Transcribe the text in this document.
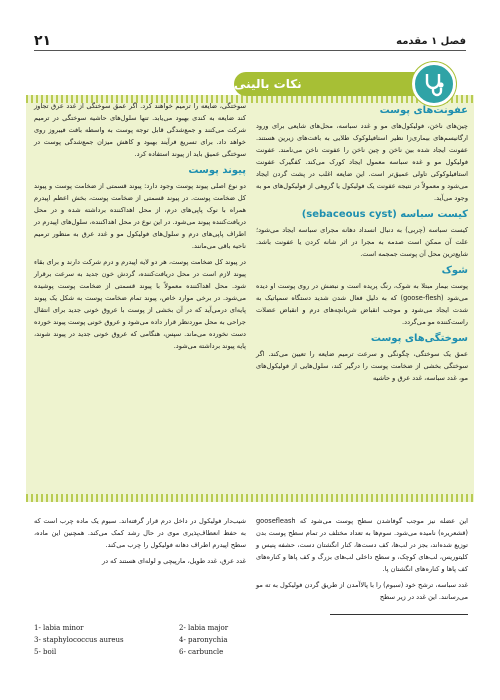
فصل ۱ مقدمه
۲۱
نکات بالینی
عفونت‌های پوست

چین‌های ناخن، فولیکول‌های مو و غدد سباسه، محل‌های شایعی برای ورود ارگانیسم‌های بیماری‌زا نظیر استافیلوکوک طلایی به بافت‌های زیرین هستند. عفونت ایجاد شده بین ناخن و چین ناخن را عفونت ناخن می‌نامند. عفونت فولیکول مو و غده سباسه معمول ایجاد کورک می‌کند. کفگیرک عفونت استافیلوکوکی تاولی عمیق‌تر است. این ضایعه اغلب در پشت گردن ایجاد می‌شود و معمولاً در نتیجه عفونت یک فولیکول یا گروهی از فولیکول‌های مو به وجود می‌آید.

کیست سباسه (sebaceous cyst)

کیست سباسه (چربی) به دنبال انسداد دهانه مجرای سباسه ایجاد می‌شود؛ علت آن ممکن است صدمه به مجرا در اثر شانه کردن یا عفونت باشد. شایع‌ترین محل آن پوست جمجمه است.

شوک

پوست بیمار مبتلا به شوک، رنگ پریده است و نبضش در روی پوست او دیده می‌شود (goose-flesh) که به دلیل فعال شدن شدید دستگاه سمپاتیک به شدت ایجاد می‌شود و موجب انقباض شریانچه‌های درم و انقباض عضلات راست‌کننده مو می‌گردد.

سوختگی‌های پوست

عمق یک سوختگی، چگونگی و سرعت ترمیم ضایعه را تعیین می‌کند. اگر سوختگی بخشی از ضخامت پوست را درگیر کند، سلول‌هایی از فولیکول‌های مو، غدد سباسه، غدد عرق و حاشیه

سوختگی، ضایعه را ترمیم خواهند کرد. اگر عمق سوختگی از غدد عرق تجاوز کند ضایعه به کندی بهبود می‌یابد. تنها سلول‌های حاشیه سوختگی در ترمیم شرکت می‌کنند و جمع‌شدگی قابل توجه پوست به واسطه بافت فیبروز روی خواهد داد. برای تسریع فرآیند بهبود و کاهش میزان جمع‌شدگی پوست در سوختگی عمیق باید از پیوند استفاده کرد.

پیوند پوست

دو نوع اصلی پیوند پوست وجود دارد: پیوند قسمتی از ضخامت پوست و پیوند کل ضخامت پوست. در پیوند قسمتی از ضخامت پوست، بخش اعظم اپیدرم همراه با نوک پاپی‌های درم، از محل اهداکننده برداشته شده و در محل دریافت‌کننده پیوند می‌شود. در این نوع در محل اهداکننده، سلول‌های اپیدرم در اطراف پاپی‌های درم و سلول‌های فولیکول مو و غدد عرق به منظور ترمیم ناحیه باقی می‌مانند.

در پیوند کل ضخامت پوست، هر دو لایه اپیدرم و درم شرکت دارند و برای بقاء پیوند لازم است در محل دریافت‌کننده، گردش خون جدید به سرعت برقرار شود. محل اهداکننده معمولاً با پیوند قسمتی از ضخامت پوست پوشیده می‌شود. در برخی موارد خاص، پیوند تمام ضخامت پوست به شکل یک پیوند پایه‌ای درمی‌آید که در آن بخشی از پوست با عروق خونی جدید برای انتقال جراحی به محل موردنظر قرار داده می‌شود و عروق خونی پوست پیوند خورده دست نخورده می‌ماند. سپس، هنگامی که عروق خونی جدید در پیوند شوند، پایه پیوند برداشته می‌شود.

این عضله نیز موجب گوفاشدن سطح پوست می‌شود که goosefleash (قشعریره) نامیده می‌شود. سوم‌ها به تعداد مختلف در تمام سطح پوست بدن توزیع شده‌اند، بجز در لب‌ها، کف دست‌ها، کنار انگشتان دست، حشفه پنیس و کلیتوریس، لب‌های کوچک، و سطح داخلی لب‌های بزرگ و کف پاها و کناره‌های کف پاها و کناره‌های انگشتان پا.

غدد سباسه، ترشح خود (سبوم) را با پالاآمدن از طریق گردن فولیکول به ته مو می‌رسانند. این غدد در زیر سطح

شیب‌دار فولیکول در داخل درم قرار گرفته‌اند. سبوم یک ماده چرب است که به حفظ انعطاف‌پذیری موی در حال رشد کمک می‌کند. همچنین این ماده، سطح اپیدرم اطراف دهانه فولیکول را چرب می‌کند.

غدد عرق، غدد طویل، مارپیچی و لوله‌ای هستند که در

1- labia minor	2- labia major
3- staphylococcus aureus	4- paronychia
5- boil	6- carbuncle
